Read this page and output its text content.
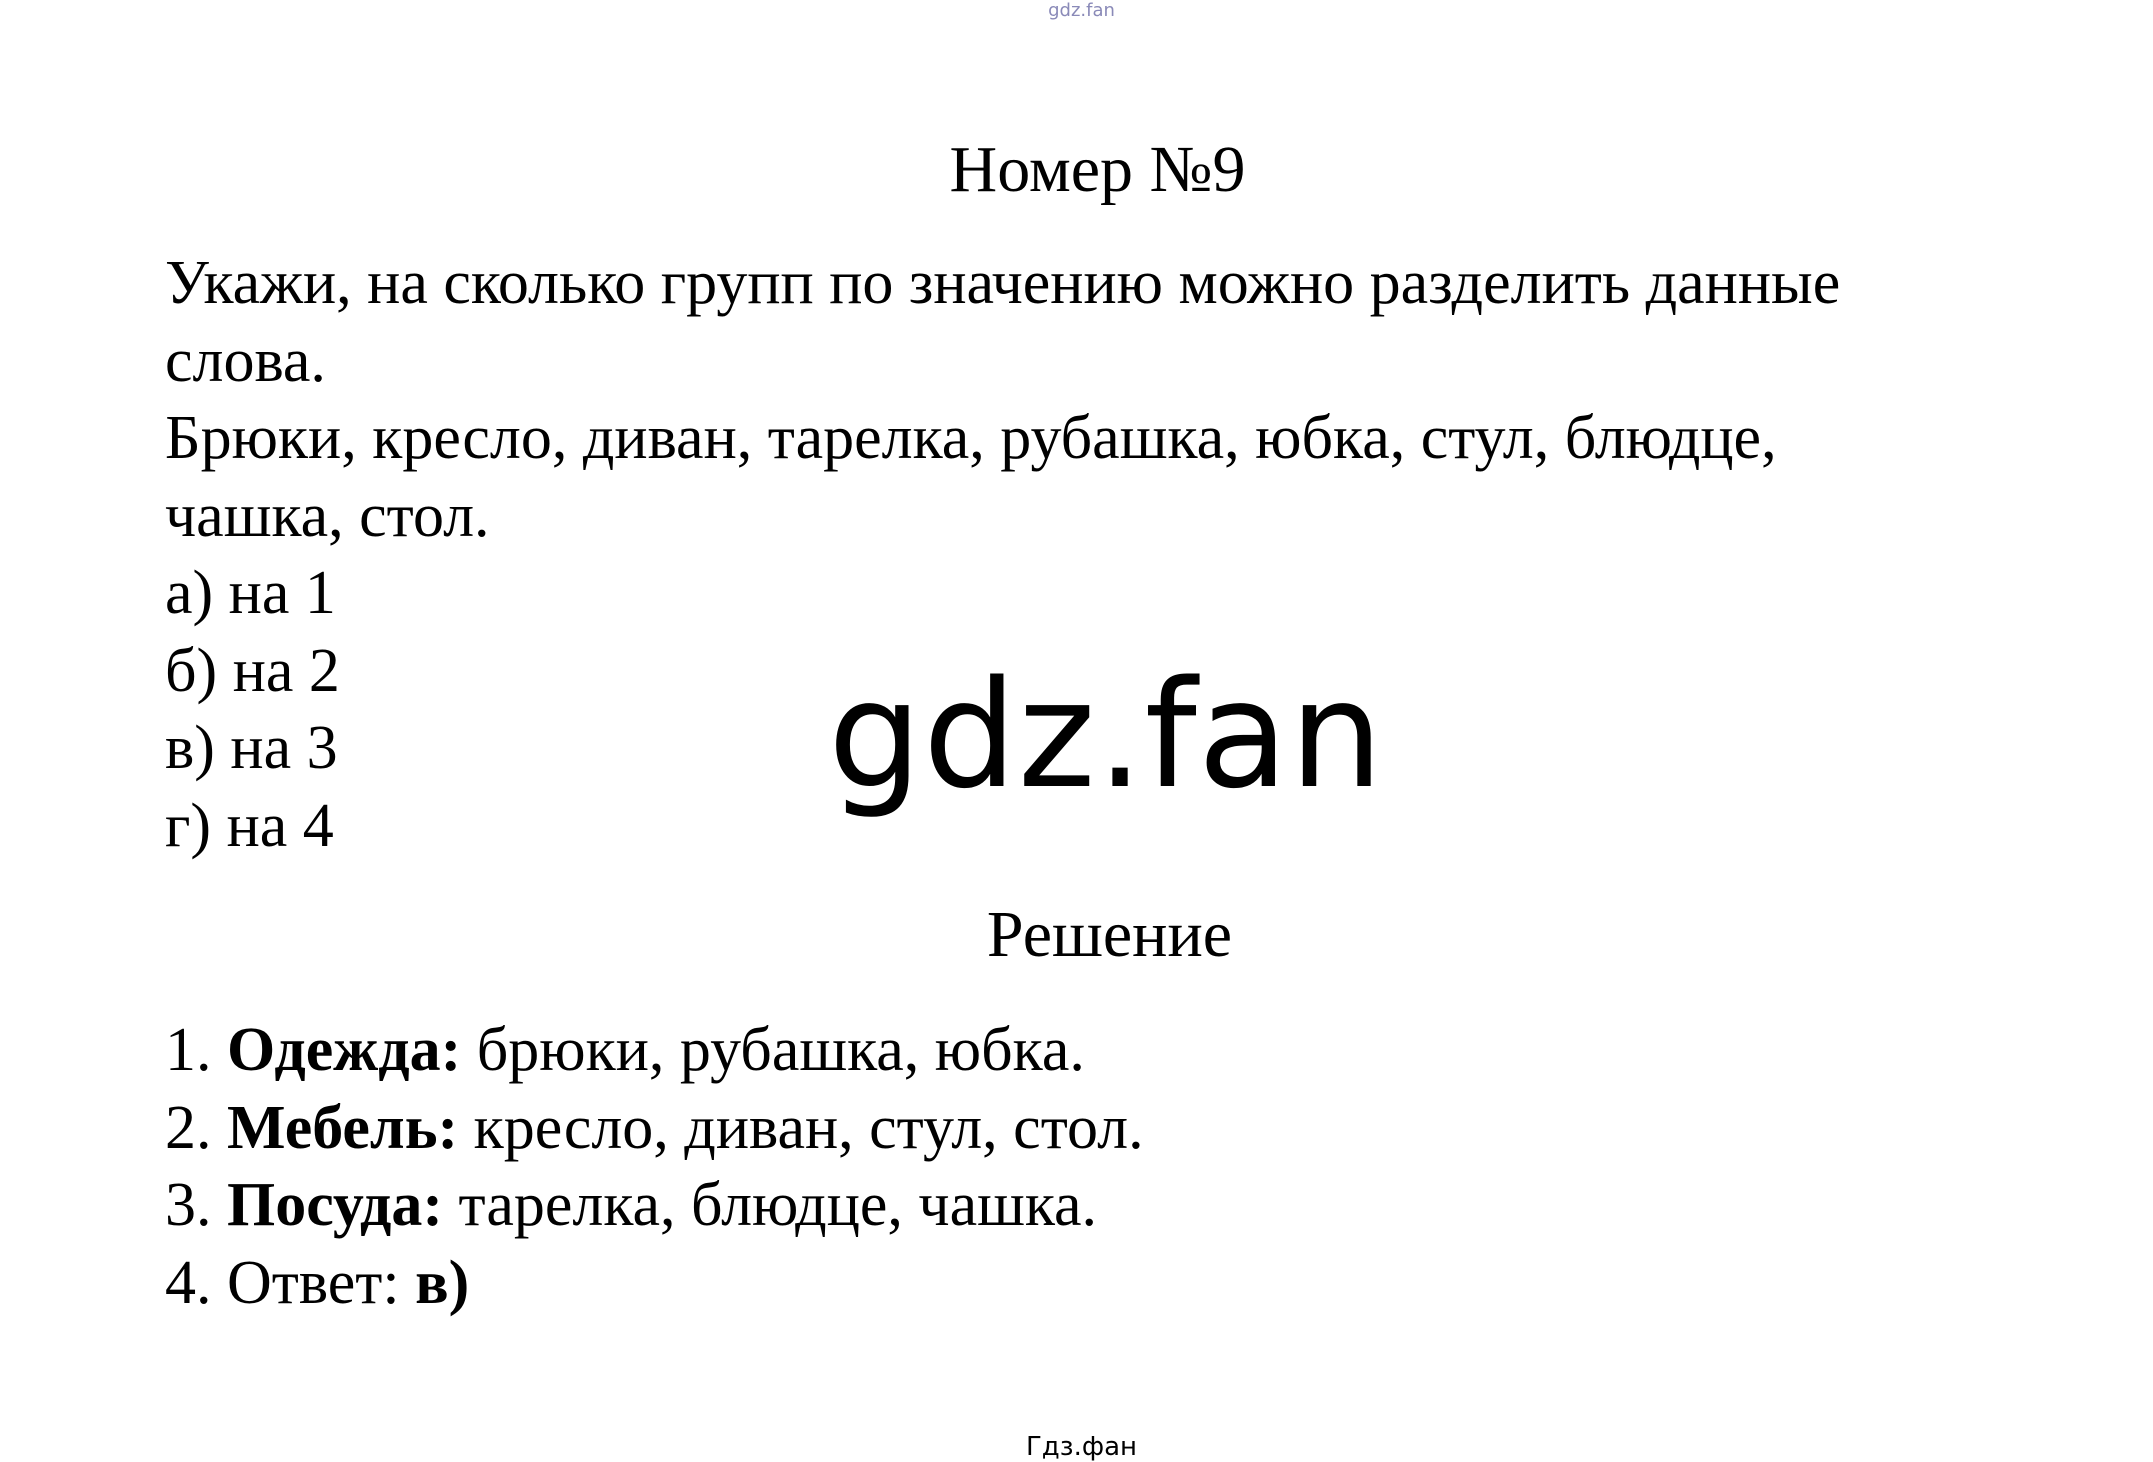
gdz.fan
Номер №9

Укажи, на сколько групп по значению можно разделить данные

слова.

Брюки, кресло, диван, тарелка, рубашка, юбка, стул, блюдце,

чашка, стол.

а) на 1

б) на 2

в) на 3

г) на 4

gdz.fan
Решение

1. Одежда: брюки, рубашка, юбка.

2. Мебель: кресло, диван, стул, стол.

3. Посуда: тарелка, блюдце, чашка.

4. Ответ: в)

Гдз.фан
